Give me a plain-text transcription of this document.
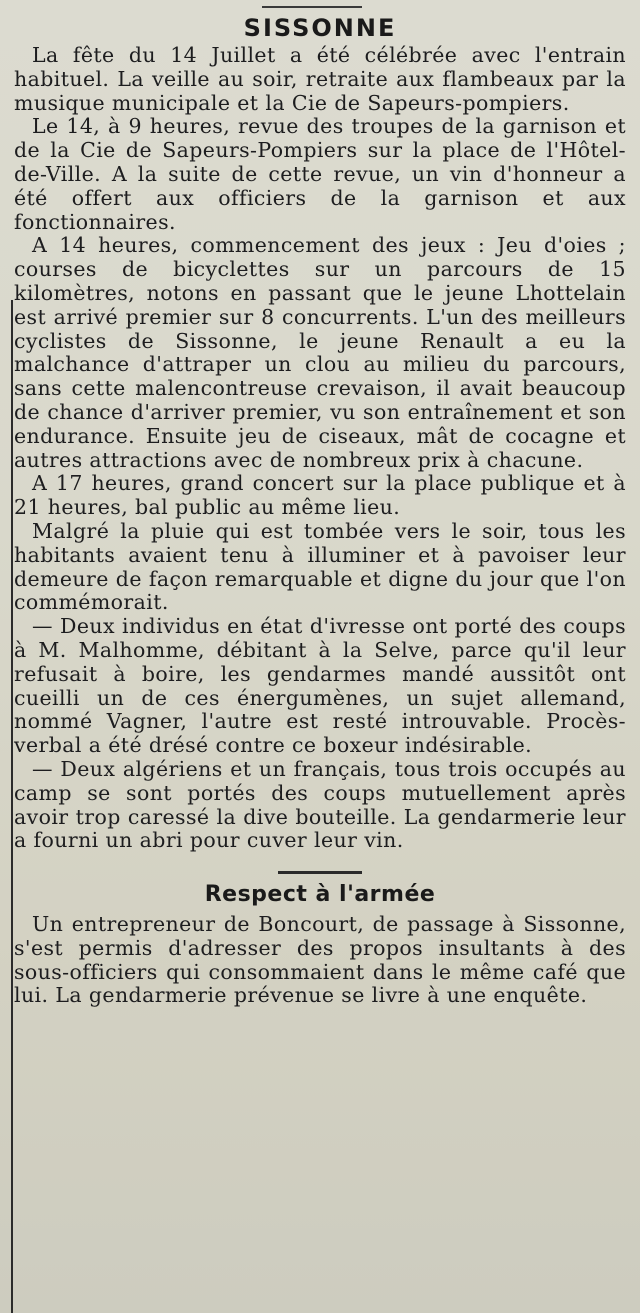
SISSONNE

La fête du 14 Juillet a été célébrée avec l'entrain habituel. La veille au soir, retraite aux flambeaux par la musique municipale et la Cie de Sapeurs-pompiers.

Le 14, à 9 heures, revue des troupes de la garnison et de la Cie de Sapeurs-Pompiers sur la place de l'Hôtel-de-Ville. A la suite de cette revue, un vin d'honneur a été offert aux officiers de la garnison et aux fonctionnaires.

A 14 heures, commencement des jeux : Jeu d'oies ; courses de bicyclettes sur un parcours de 15 kilomètres, notons en passant que le jeune Lhottelain est arrivé premier sur 8 concurrents. L'un des meilleurs cyclistes de Sissonne, le jeune Renault a eu la malchance d'attraper un clou au milieu du parcours, sans cette malencontreuse crevaison, il avait beaucoup de chance d'arriver premier, vu son entraînement et son endurance. Ensuite jeu de ciseaux, mât de cocagne et autres attractions avec de nombreux prix à chacune.

A 17 heures, grand concert sur la place publique et à 21 heures, bal public au même lieu.

Malgré la pluie qui est tombée vers le soir, tous les habitants avaient tenu à illuminer et à pavoiser leur demeure de façon remarquable et digne du jour que l'on commémorait.

— Deux individus en état d'ivresse ont porté des coups à M. Malhomme, débitant à la Selve, parce qu'il leur refusait à boire, les gendarmes mandé aussitôt ont cueilli un de ces énergumènes, un sujet allemand, nommé Vagner, l'autre est resté introuvable. Procès-verbal a été drésé contre ce boxeur indésirable.

— Deux algériens et un français, tous trois occupés au camp se sont portés des coups mutuellement après avoir trop caressé la dive bouteille. La gendarmerie leur a fourni un abri pour cuver leur vin.

Respect à l'armée

Un entrepreneur de Boncourt, de passage à Sissonne, s'est permis d'adresser des propos insultants à des sous-officiers qui consommaient dans le même café que lui. La gendarmerie prévenue se livre à une enquête.
